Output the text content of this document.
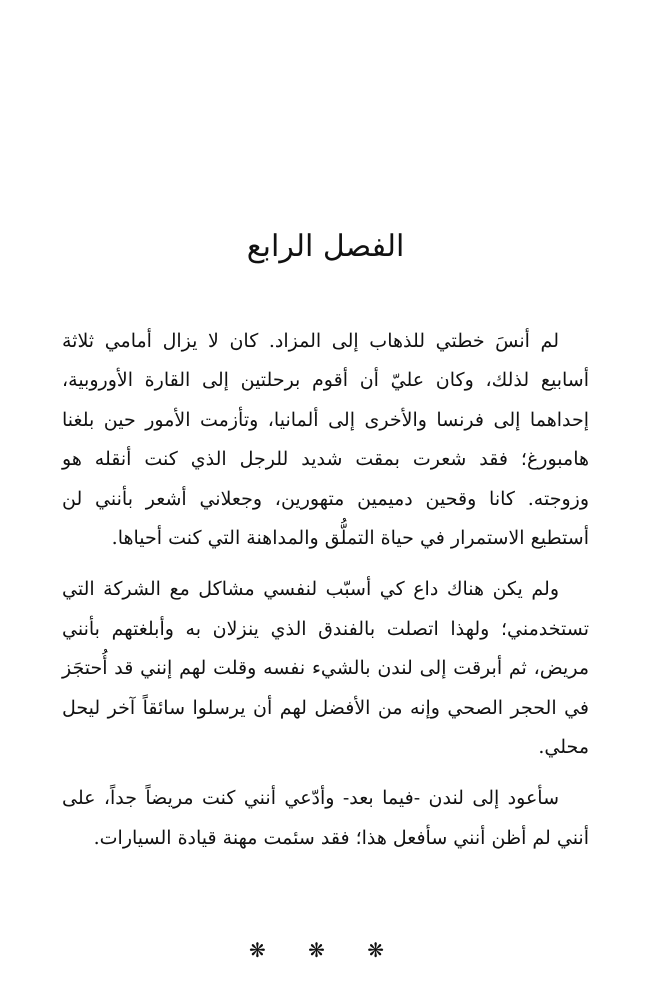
الفصل الرابع

لم أنسَ خطتي للذهاب إلى المزاد. كان لا يزال أمامي ثلاثة أسابيع لذلك، وكان عليّ أن أقوم برحلتين إلى القارة الأوروبية، إحداهما إلى فرنسا والأخرى إلى ألمانيا، وتأزمت الأمور حين بلغنا هامبورغ؛ فقد شعرت بمقت شديد للرجل الذي كنت أنقله هو وزوجته. كانا وقحين دميمين متهورين، وجعلاني أشعر بأنني لن أستطيع الاستمرار في حياة التملُّق والمداهنة التي كنت أحياها.

ولم يكن هناك داع كي أسبّب لنفسي مشاكل مع الشركة التي تستخدمني؛ ولهذا اتصلت بالفندق الذي ينزلان به وأبلغتهم بأنني مريض، ثم أبرقت إلى لندن بالشيء نفسه وقلت لهم إنني قد أُحتجَز في الحجر الصحي وإنه من الأفضل لهم أن يرسلوا سائقاً آخر ليحل محلي.

سأعود إلى لندن -فيما بعد- وأدّعي أنني كنت مريضاً جداً، على أنني لم أظن أنني سأفعل هذا؛ فقد سئمت مهنة قيادة السيارات.

❋ ❋ ❋
